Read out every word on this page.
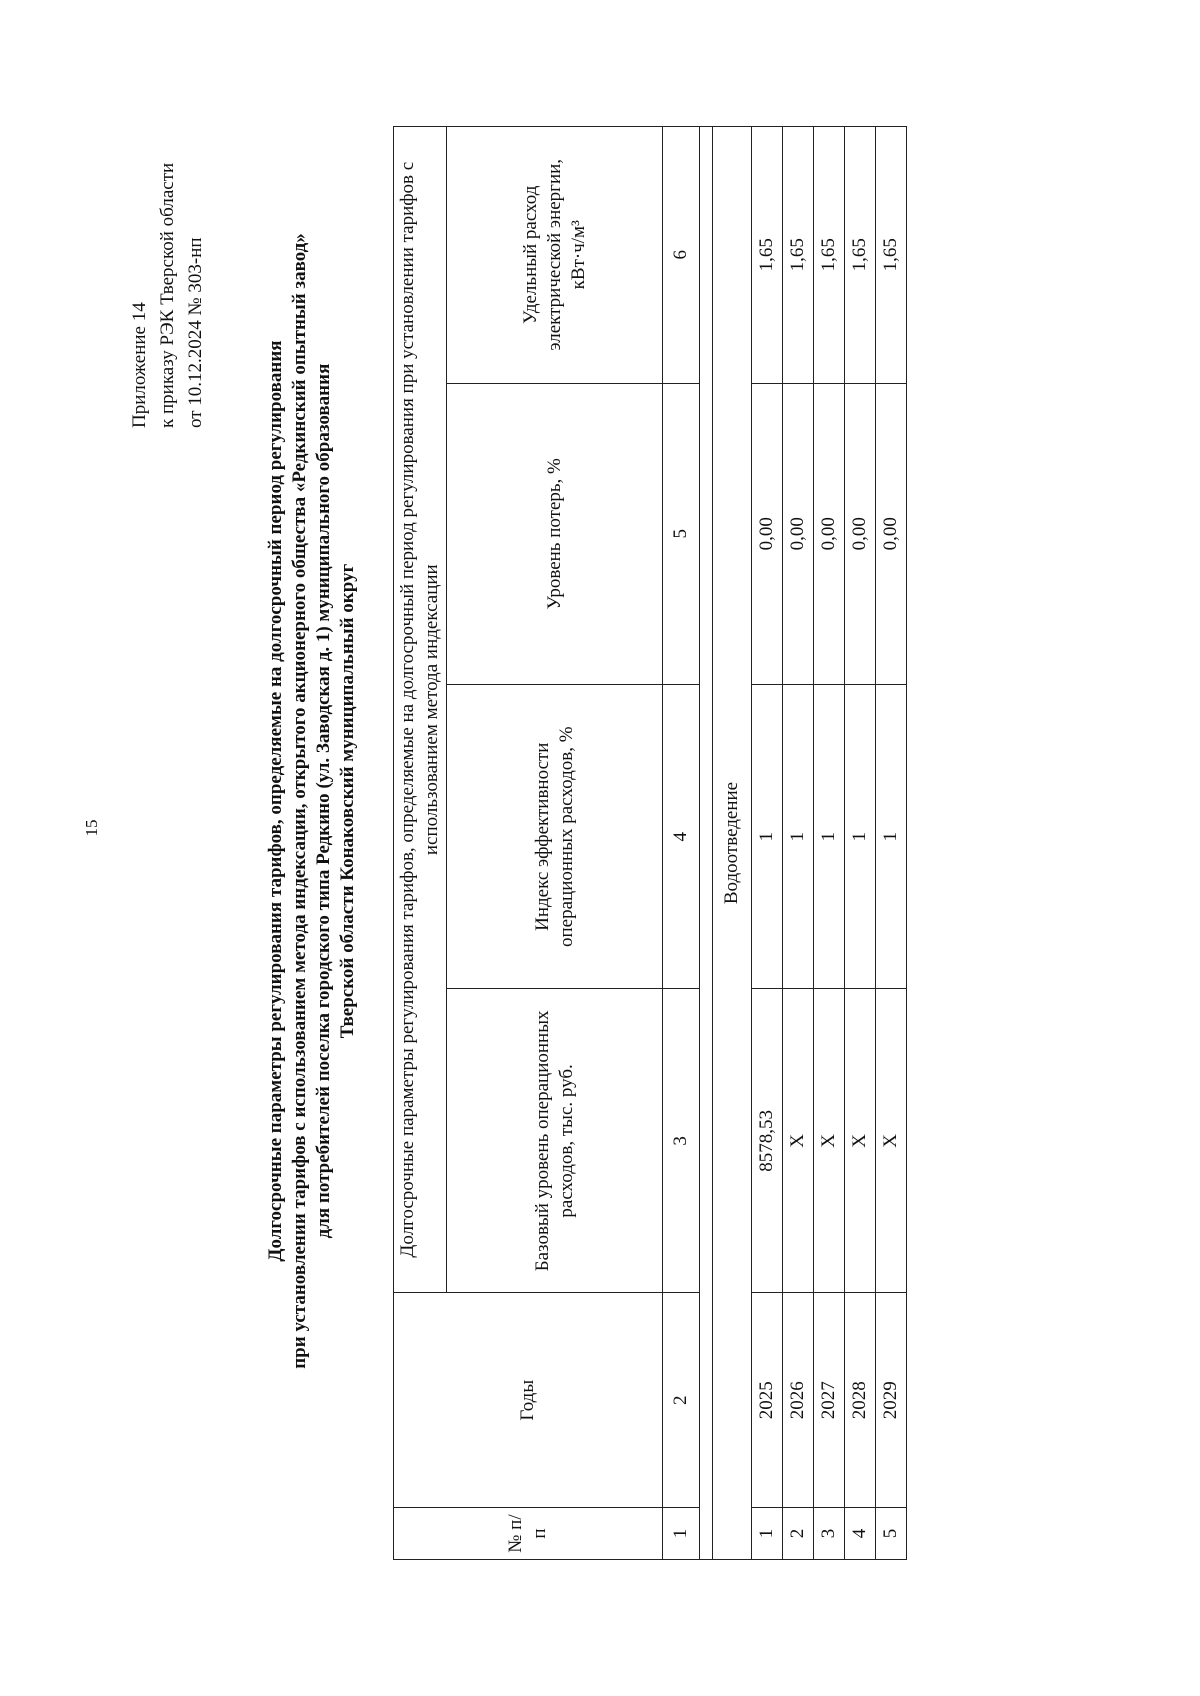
15
Приложение 14 к приказу РЭК Тверской области от 10.12.2024 № 303-нп
Долгосрочные параметры регулирования тарифов, определяемые на долгосрочный период регулирования при установлении тарифов с использованием метода индексации, открытого акционерного общества «Редкинский опытный завод» для потребителей поселка городского типа Редкино (ул. Заводская д. 1) муниципального образования Тверской области Конаковский муниципальный округ
№ п/п	Годы	Долгосрочные параметры регулирования тарифов, определяемые на долгосрочный период регулирования при установлении тарифов с использованием метода индексации			
		Базовый уровень операционных расходов, тыс. руб.	Индекс эффективности операционных расходов, %	Уровень потерь, %	Удельный расход электрической энергии, кВт·ч/м³
1	2	3	4	5	6

Водоотведение					
1	2025	8578,53	1	0,00	1,65
2	2026	Х	1	0,00	1,65
3	2027	Х	1	0,00	1,65
4	2028	Х	1	0,00	1,65
5	2029	Х	1	0,00	1,65
